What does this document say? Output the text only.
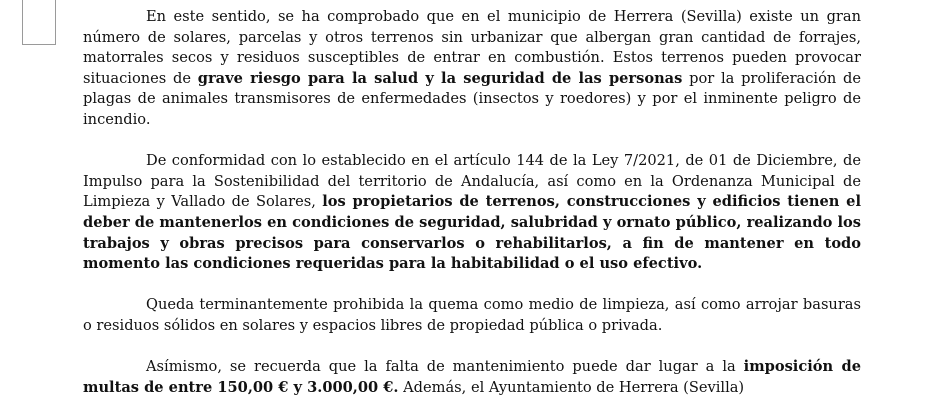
En este sentido, se ha comprobado que en el municipio de Herrera (Sevilla) existe un gran número de solares, parcelas y otros terrenos sin urbanizar que albergan gran cantidad de forrajes, matorrales secos y residuos susceptibles de entrar en combustión. Estos terrenos pueden provocar situaciones de grave riesgo para la salud y la seguridad de las personas por la proliferación de plagas de animales transmisores de enfermedades (insectos y roedores) y por el inminente peligro de incendio.

De conformidad con lo establecido en el artículo 144 de la Ley 7/2021, de 01 de Diciembre, de Impulso para la Sostenibilidad del territorio de Andalucía, así como en la Ordenanza Municipal de Limpieza y Vallado de Solares, los propietarios de terrenos, construcciones y edificios tienen el deber de mantenerlos en condiciones de seguridad, salubridad y ornato público, realizando los trabajos y obras precisos para conservarlos o rehabilitarlos, a fin de mantener en todo momento las condiciones requeridas para la habitabilidad o el uso efectivo.

Queda terminantemente prohibida la quema como medio de limpieza, así como arrojar basuras o residuos sólidos en solares y espacios libres de propiedad pública o privada.

Asímismo, se recuerda que la falta de mantenimiento puede dar lugar a la imposición de multas de entre 150,00 € y 3.000,00 €. Además, el Ayuntamiento de Herrera (Sevilla)
